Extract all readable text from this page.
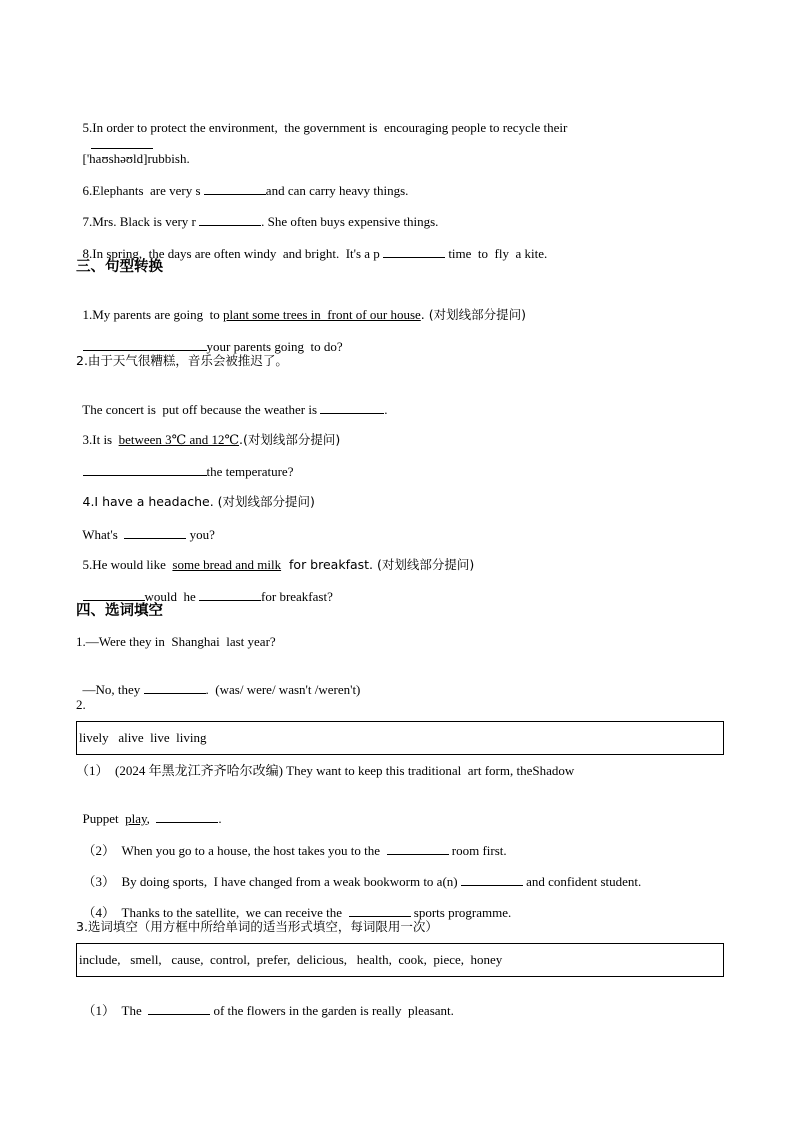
5.In order to protect the environment,  the government is  encouraging people to recycle their

['haʊshəʊld]rubbish.

6.Elephants  are very s	and can carry heavy things.

7.Mrs. Black is very r	. She often buys expensive things.

8.In spring,  the days are often windy  and bright.  It's a p	time  to  fly  a kite.

三、句型转换

1.My parents are going  to plant some trees in  front of our house. (对划线部分提问)

your parents going  to do?

2.由于天气很糟糕，音乐会被推迟了。

The concert is  put off because the weather is	.

3.It is  between 3℃ and 12℃.(对划线部分提问)

the temperature?

4.I have a headache. (对划线部分提问)

What's	you?

5.He would like  some bread and milk  for breakfast. (对划线部分提问)

would  he	for breakfast?

四、选词填空
1.—Were they in  Shanghai  last year?

—No, they	.  (was/ were/ wasn't /weren't)

2.
lively   alive  live  living
（1）  (2024 年黑龙江齐齐哈尔改编) They want to keep this traditional  art form, theShadow

Puppet  play,	.

（2）  When you go to a house, the host takes you to the	room first.

（3）  By doing sports,  I have changed from a weak bookworm to a(n)	and confident student.

（4）  Thanks to the satellite,  we can receive the	sports programme.

3.选词填空（用方框中所给单词的适当形式填空，每词限用一次）
include,   smell,   cause,  control,  prefer,  delicious,   health,  cook,  piece,  honey

（1）  The	of the flowers in the garden is really  pleasant.
